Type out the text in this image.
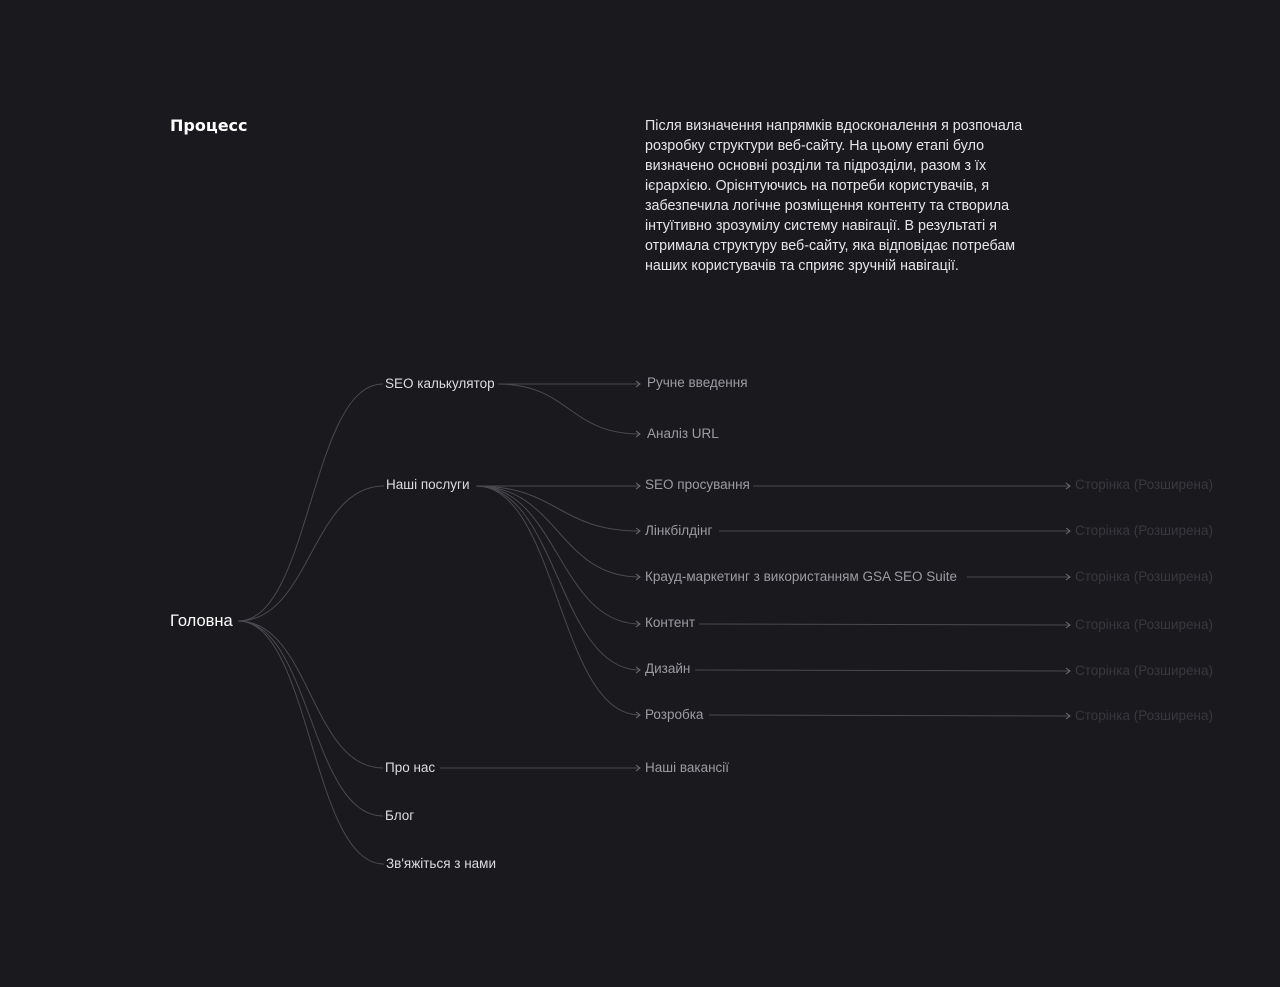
Процесс	Після визначення напрямків вдосконалення я розпочала розробку структури веб-сайту. На цьому етапі було визначено основні розділи та підрозділи, разом з їх ієрархією. Орієнтуючись на потреби користувачів, я забезпечила логічне розміщення контенту та створила інтуїтивно зрозумілу систему навігації. В результаті я отримала структуру веб-сайту, яка відповідає потребам наших користувачів та сприяє зручній навігації.

Головна
SEO калькулятор	Ручне введення
Аналіз URL
Наші послуги	SEO просування	Сторінка (Розширена)
Лінкбілдінг	Сторінка (Розширена)
Крауд-маркетинг з використанням GSA SEO Suite	Сторінка (Розширена)
Контент	Сторінка (Розширена)
Дизайн	Сторінка (Розширена)
Розробка	Сторінка (Розширена)
Про нас	Наші вакансії
Блог
Зв'яжіться з нами
